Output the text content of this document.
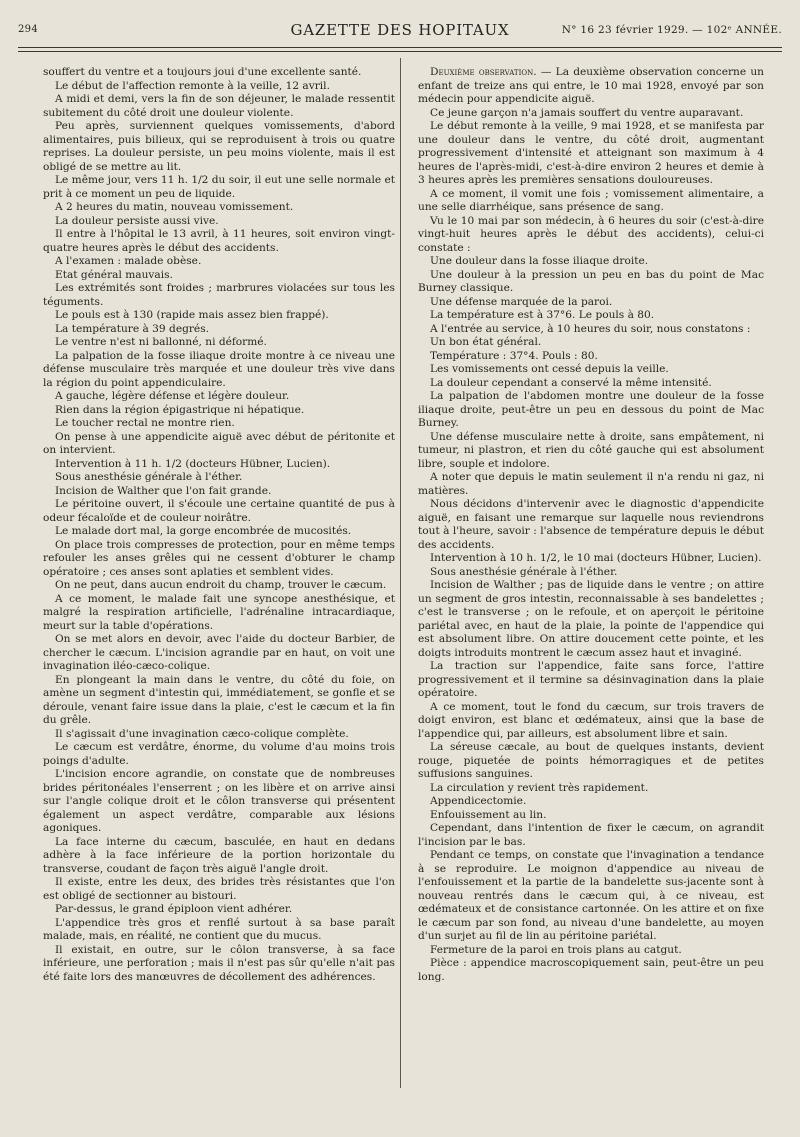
294	GAZETTE DES HOPITAUX	N° 16 23 février 1929. — 102ᵉ ANNÉE.

souffert du ventre et a toujours joui d'une excellente santé.

Le début de l'affection remonte à la veille, 12 avril.

A midi et demi, vers la fin de son déjeuner, le malade ressentit subitement du côté droit une douleur violente.

Peu après, surviennent quelques vomissements, d'abord alimentaires, puis bilieux, qui se reproduisent à trois ou quatre reprises. La douleur persiste, un peu moins violente, mais il est obligé de se mettre au lit.

Le même jour, vers 11 h. 1/2 du soir, il eut une selle normale et prit à ce moment un peu de liquide.

A 2 heures du matin, nouveau vomissement.

La douleur persiste aussi vive.

Il entre à l'hôpital le 13 avril, à 11 heures, soit environ vingt-quatre heures après le début des accidents.

A l'examen : malade obèse.

Etat général mauvais.

Les extrémités sont froides ; marbrures violacées sur tous les téguments.

Le pouls est à 130 (rapide mais assez bien frappé).

La température à 39 degrés.

Le ventre n'est ni ballonné, ni déformé.

La palpation de la fosse iliaque droite montre à ce niveau une défense musculaire très marquée et une douleur très vive dans la région du point appendiculaire.

A gauche, légère défense et légère douleur.

Rien dans la région épigastrique ni hépatique.

Le toucher rectal ne montre rien.

On pense à une appendicite aiguë avec début de péritonite et on intervient.

Intervention à 11 h. 1/2 (docteurs Hübner, Lucien).

Sous anesthésie générale à l'éther.

Incision de Walther que l'on fait grande.

Le péritoine ouvert, il s'écoule une certaine quantité de pus à odeur fécaloïde et de couleur noirâtre.

Le malade dort mal, la gorge encombrée de mucosités.

On place trois compresses de protection, pour en même temps refouler les anses grêles qui ne cessent d'obturer le champ opératoire ; ces anses sont aplaties et semblent vides.

On ne peut, dans aucun endroit du champ, trouver le cæcum.

A ce moment, le malade fait une syncope anesthésique, et malgré la respiration artificielle, l'adrénaline intracardiaque, meurt sur la table d'opérations.

On se met alors en devoir, avec l'aide du docteur Barbier, de chercher le cæcum. L'incision agrandie par en haut, on voit une invagination iléo-cæco-colique.

En plongeant la main dans le ventre, du côté du foie, on amène un segment d'intestin qui, immédiatement, se gonfle et se déroule, venant faire issue dans la plaie, c'est le cæcum et la fin du grêle.

Il s'agissait d'une invagination cæco-colique complète.

Le cæcum est verdâtre, énorme, du volume d'au moins trois poings d'adulte.

L'incision encore agrandie, on constate que de nombreuses brides péritonéales l'enserrent ; on les libère et on arrive ainsi sur l'angle colique droit et le côlon transverse qui présentent également un aspect verdâtre, comparable aux lésions agoniques.

La face interne du cæcum, basculée, en haut en dedans adhère à la face inférieure de la portion horizontale du transverse, coudant de façon très aiguë l'angle droit.

Il existe, entre les deux, des brides très résistantes que l'on est obligé de sectionner au bistouri.

Par-dessus, le grand épiploon vient adhérer.

L'appendice très gros et renflé surtout à sa base paraît malade, mais, en réalité, ne contient que du mucus.

Il existait, en outre, sur le côlon transverse, à sa face inférieure, une perforation ; mais il n'est pas sûr qu'elle n'ait pas été faite lors des manœuvres de décollement des adhérences.

Deuxième observation. — La deuxième observation concerne un enfant de treize ans qui entre, le 10 mai 1928, envoyé par son médecin pour appendicite aiguë.

Ce jeune garçon n'a jamais souffert du ventre auparavant.

Le début remonte à la veille, 9 mai 1928, et se manifesta par une douleur dans le ventre, du côté droit, augmentant progressivement d'intensité et atteignant son maximum à 4 heures de l'après-midi, c'est-à-dire environ 2 heures et demie à 3 heures après les premières sensations douloureuses.

A ce moment, il vomit une fois ; vomissement alimentaire, a une selle diarrhéique, sans présence de sang.

Vu le 10 mai par son médecin, à 6 heures du soir (c'est-à-dire vingt-huit heures après le début des accidents), celui-ci constate :

Une douleur dans la fosse iliaque droite.

Une douleur à la pression un peu en bas du point de Mac Burney classique.

Une défense marquée de la paroi.

La température est à 37°6. Le pouls à 80.

A l'entrée au service, à 10 heures du soir, nous constatons :

Un bon état général.

Température : 37°4. Pouls : 80.

Les vomissements ont cessé depuis la veille.

La douleur cependant a conservé la même intensité.

La palpation de l'abdomen montre une douleur de la fosse iliaque droite, peut-être un peu en dessous du point de Mac Burney.

Une défense musculaire nette à droite, sans empâtement, ni tumeur, ni plastron, et rien du côté gauche qui est absolument libre, souple et indolore.

A noter que depuis le matin seulement il n'a rendu ni gaz, ni matières.

Nous décidons d'intervenir avec le diagnostic d'appendicite aiguë, en faisant une remarque sur laquelle nous reviendrons tout à l'heure, savoir : l'absence de température depuis le début des accidents.

Intervention à 10 h. 1/2, le 10 mai (docteurs Hübner, Lucien).

Sous anesthésie générale à l'éther.

Incision de Walther ; pas de liquide dans le ventre ; on attire un segment de gros intestin, reconnaissable à ses bandelettes ; c'est le transverse ; on le refoule, et on aperçoit le péritoine pariétal avec, en haut de la plaie, la pointe de l'appendice qui est absolument libre. On attire doucement cette pointe, et les doigts introduits montrent le cæcum assez haut et invaginé.

La traction sur l'appendice, faite sans force, l'attire progressivement et il termine sa désinvagination dans la plaie opératoire.

A ce moment, tout le fond du cæcum, sur trois travers de doigt environ, est blanc et œdémateux, ainsi que la base de l'appendice qui, par ailleurs, est absolument libre et sain.

La séreuse cæcale, au bout de quelques instants, devient rouge, piquetée de points hémorragiques et de petites suffusions sanguines.

La circulation y revient très rapidement.

Appendicectomie.

Enfouissement au lin.

Cependant, dans l'intention de fixer le cæcum, on agrandit l'incision par le bas.

Pendant ce temps, on constate que l'invagination a tendance à se reproduire. Le moignon d'appendice au niveau de l'enfouissement et la partie de la bandelette sus-jacente sont à nouveau rentrés dans le cæcum qui, à ce niveau, est œdémateux et de consistance cartonnée. On les attire et on fixe le cæcum par son fond, au niveau d'une bandelette, au moyen d'un surjet au fil de lin au péritoine pariétal.

Fermeture de la paroi en trois plans au catgut.

Pièce : appendice macroscopiquement sain, peut-être un peu long.
